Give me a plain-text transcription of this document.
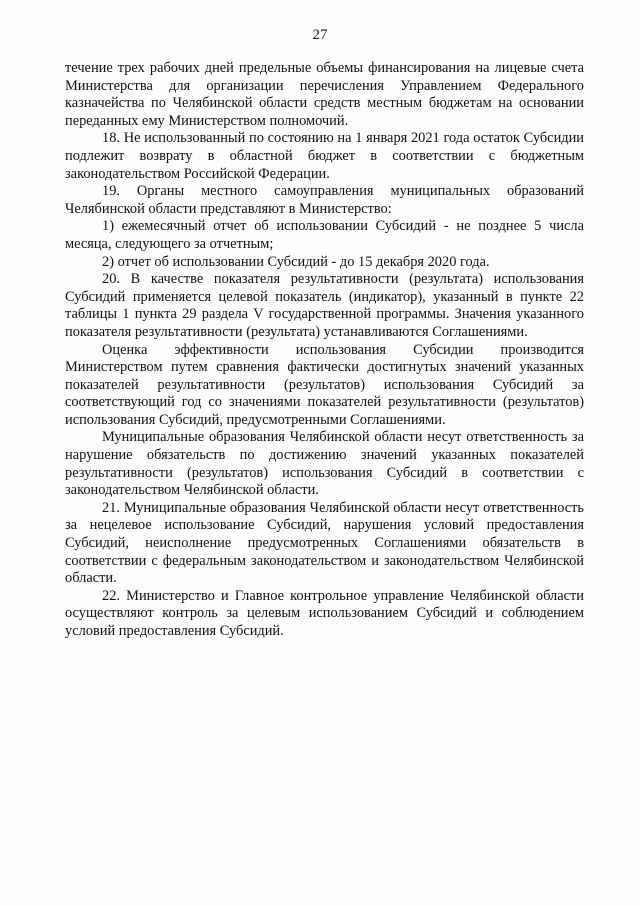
27

течение трех рабочих дней предельные объемы финансирования на лицевые счета Министерства для организации перечисления Управлением Федерального казначейства по Челябинской области средств местным бюджетам на основании переданных ему Министерством полномочий.

18. Не использованный по состоянию на 1 января 2021 года остаток Субсидии подлежит возврату в областной бюджет в соответствии с бюджетным законодательством Российской Федерации.

19. Органы местного самоуправления муниципальных образований Челябинской области представляют в Министерство:

1) ежемесячный отчет об использовании Субсидий - не позднее 5 числа месяца, следующего за отчетным;

2) отчет об использовании Субсидий - до 15 декабря 2020 года.

20. В качестве показателя результативности (результата) использования Субсидий применяется целевой показатель (индикатор), указанный в пункте 22 таблицы 1 пункта 29 раздела V государственной программы. Значения указанного показателя результативности (результата) устанавливаются Соглашениями.

Оценка эффективности использования Субсидии производится Министерством путем сравнения фактически достигнутых значений указанных показателей результативности (результатов) использования Субсидий за соответствующий год со значениями показателей результативности (результатов) использования Субсидий, предусмотренными Соглашениями.

Муниципальные образования Челябинской области несут ответственность за нарушение обязательств по достижению значений указанных показателей результативности (результатов) использования Субсидий в соответствии с законодательством Челябинской области.

21. Муниципальные образования Челябинской области несут ответственность за нецелевое использование Субсидий, нарушения условий предоставления Субсидий, неисполнение предусмотренных Соглашениями обязательств в соответствии с федеральным законодательством и законодательством Челябинской области.

22. Министерство и Главное контрольное управление Челябинской области осуществляют контроль за целевым использованием Субсидий и соблюдением условий предоставления Субсидий.
